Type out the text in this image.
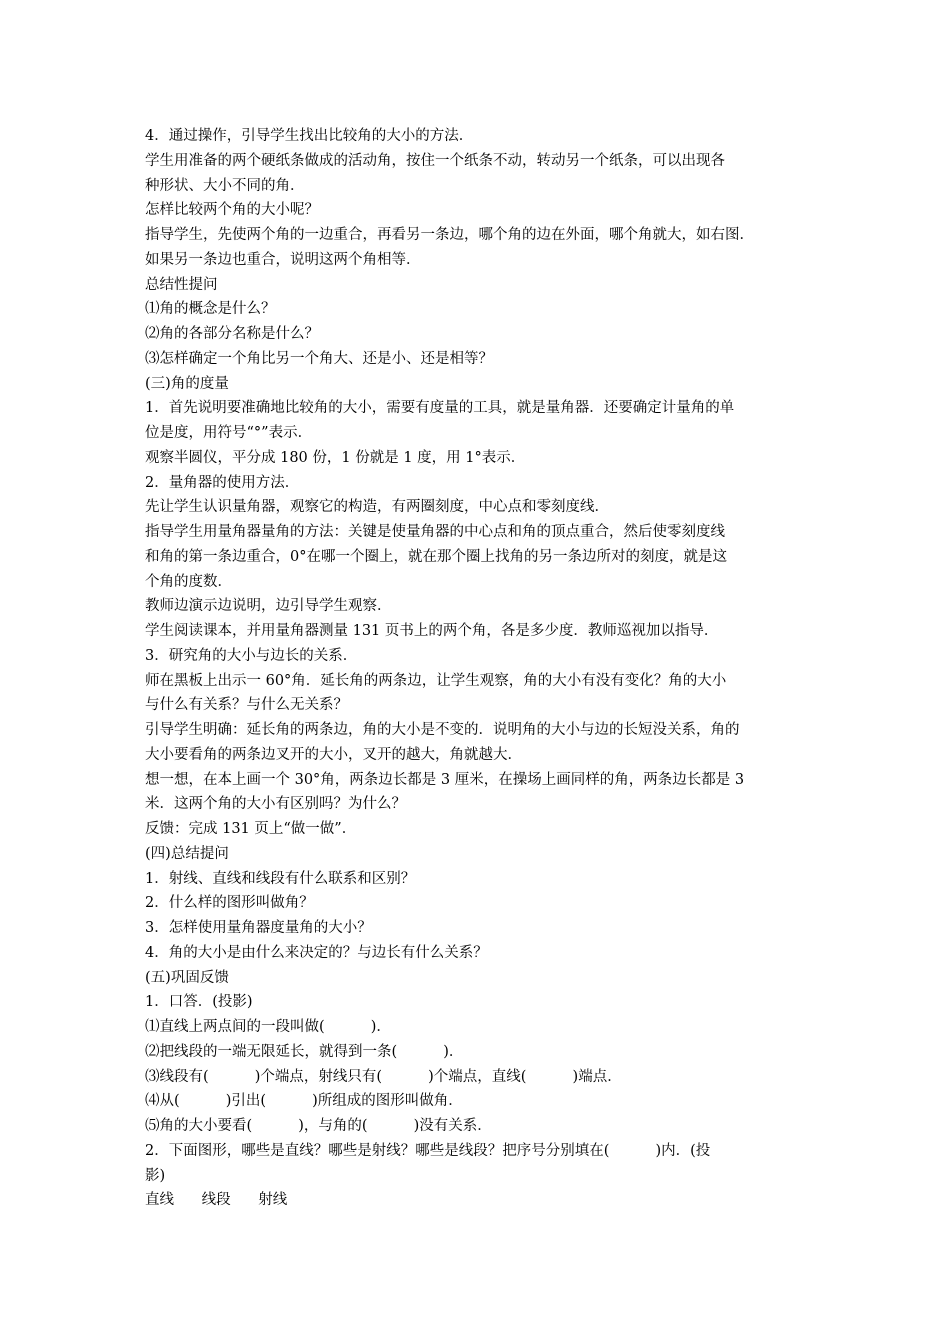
4．通过操作，引导学生找出比较角的大小的方法．
学生用准备的两个硬纸条做成的活动角，按住一个纸条不动，转动另一个纸条，可以出现各
种形状、大小不同的角．
怎样比较两个角的大小呢？
指导学生，先使两个角的一边重合，再看另一条边，哪个角的边在外面，哪个角就大，如右图．
如果另一条边也重合，说明这两个角相等．
总结性提问
⑴角的概念是什么？
⑵角的各部分名称是什么？
⑶怎样确定一个角比另一个角大、还是小、还是相等？
(三)角的度量
1．首先说明要准确地比较角的大小，需要有度量的工具，就是量角器．还要确定计量角的单
位是度，用符号“°”表示．
观察半圆仪，平分成 180 份，1 份就是 1 度，用 1°表示．
2．量角器的使用方法．
先让学生认识量角器，观察它的构造，有两圈刻度，中心点和零刻度线．
指导学生用量角器量角的方法：关键是使量角器的中心点和角的顶点重合，然后使零刻度线
和角的第一条边重合，0°在哪一个圈上，就在那个圈上找角的另一条边所对的刻度，就是这
个角的度数．
教师边演示边说明，边引导学生观察．
学生阅读课本，并用量角器测量 131 页书上的两个角，各是多少度．教师巡视加以指导．
3．研究角的大小与边长的关系．
师在黑板上出示一 60°角．延长角的两条边，让学生观察，角的大小有没有变化？角的大小
与什么有关系？与什么无关系？
引导学生明确：延长角的两条边，角的大小是不变的．说明角的大小与边的长短没关系，角的
大小要看角的两条边叉开的大小，叉开的越大，角就越大．
想一想，在本上画一个 30°角，两条边长都是 3 厘米，在操场上画同样的角，两条边长都是 3
米．这两个角的大小有区别吗？为什么？
反馈：完成 131 页上“做一做”．
(四)总结提问
1．射线、直线和线段有什么联系和区别？
2．什么样的图形叫做角？
3．怎样使用量角器度量角的大小？
4．角的大小是由什么来决定的？与边长有什么关系？
(五)巩固反馈
1．口答．(投影)
⑴直线上两点间的一段叫做(          )．
⑵把线段的一端无限延长，就得到一条(          )．
⑶线段有(          )个端点，射线只有(          )个端点，直线(          )端点．
⑷从(          )引出(          )所组成的图形叫做角．
⑸角的大小要看(          )，与角的(          )没有关系．
2．下面图形，哪些是直线？哪些是射线？哪些是线段？把序号分别填在(          )内．(投
影)
直线      线段      射线
